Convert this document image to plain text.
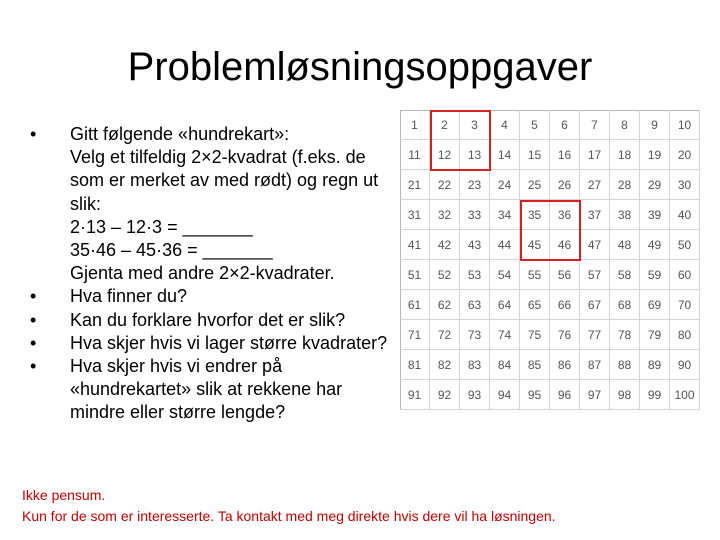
Problemløsningsoppgaver
• Gitt følgende «hundrekart»:
Velg et tilfeldig 2×2-kvadrat (f.eks. de
som er merket av med rødt) og regn ut
slik:
2·13 – 12·3 = _______
35·46 – 45·36 = _______
Gjenta med andre 2×2-kvadrater.
• Hva finner du?
• Kan du forklare hvorfor det er slik?
• Hva skjer hvis vi lager større kvadrater?
• Hva skjer hvis vi endrer på
«hundrekartet» slik at rekkene har
mindre eller større lengde?
1	2	3	4	5	6	7	8	9	10
11	12	13	14	15	16	17	18	19	20
21	22	23	24	25	26	27	28	29	30
31	32	33	34	35	36	37	38	39	40
41	42	43	44	45	46	47	48	49	50
51	52	53	54	55	56	57	58	59	60
61	62	63	64	65	66	67	68	69	70
71	72	73	74	75	76	77	78	79	80
81	82	83	84	85	86	87	88	89	90
91	92	93	94	95	96	97	98	99	100
Ikke pensum.
Kun for de som er interesserte. Ta kontakt med meg direkte hvis dere vil ha løsningen.
